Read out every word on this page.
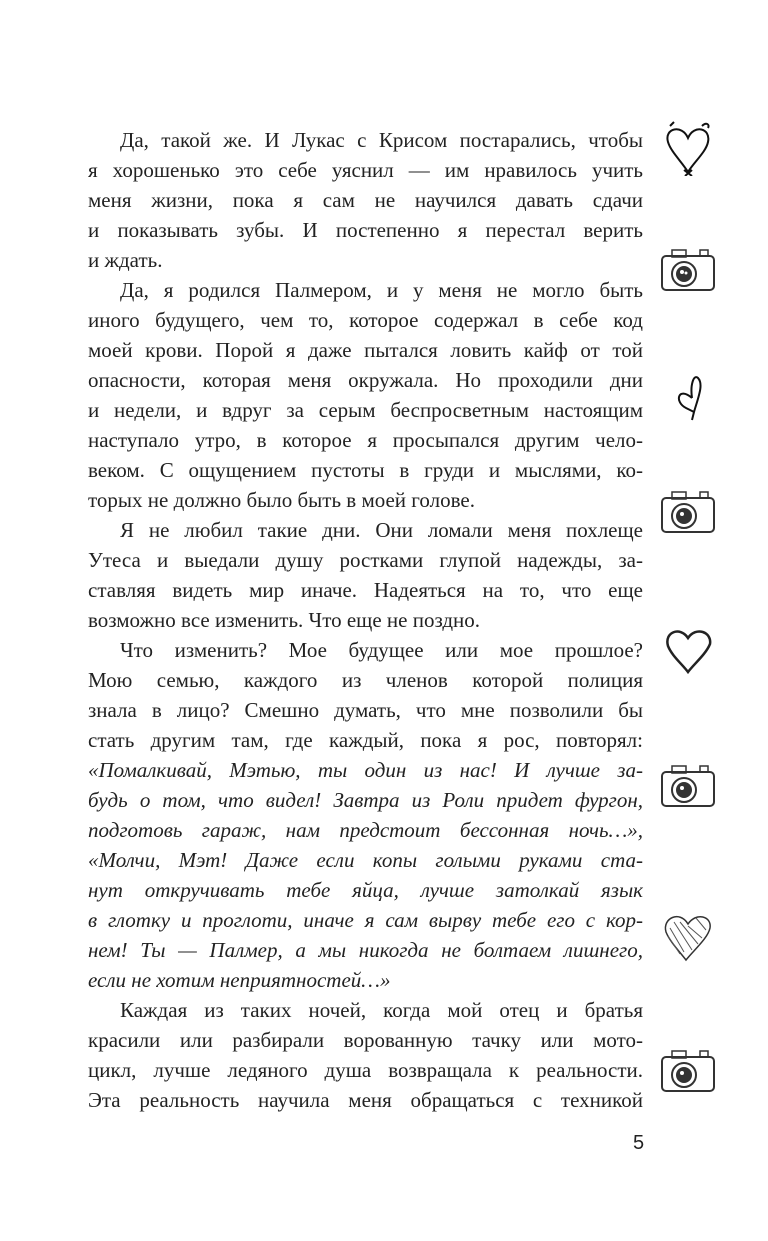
Да, такой же. И Лукас с Крисом постарались, чтобы
я хорошенько это себе уяснил — им нравилось учить
меня жизни, пока я сам не научился давать сдачи
и показывать зубы. И постепенно я перестал верить
и ждать.
Да, я родился Палмером, и у меня не могло быть
иного будущего, чем то, которое содержал в себе код
моей крови. Порой я даже пытался ловить кайф от той
опасности, которая меня окружала. Но проходили дни
и недели, и вдруг за серым беспросветным настоящим
наступало утро, в которое я просыпался другим чело-
веком. С ощущением пустоты в груди и мыслями, ко-
торых не должно было быть в моей голове.
Я не любил такие дни. Они ломали меня похлеще
Утеса и выедали душу ростками глупой надежды, за-
ставляя видеть мир иначе. Надеяться на то, что еще
возможно все изменить. Что еще не поздно.
Что изменить? Мое будущее или мое прошлое?
Мою семью, каждого из членов которой полиция
знала в лицо? Смешно думать, что мне позволили бы
стать другим там, где каждый, пока я рос, повторял:
«Помалкивай, Мэтью, ты один из нас! И лучше за-
будь о том, что видел! Завтра из Роли придет фургон,
подготовь гараж, нам предстоит бессонная ночь…»,
«Молчи, Мэт! Даже если копы голыми руками ста-
нут откручивать тебе яйца, лучше затолкай язык
в глотку и проглоти, иначе я сам вырву тебе его с кор-
нем! Ты — Палмер, а мы никогда не болтаем лишнего,
если не хотим неприятностей…»
Каждая из таких ночей, когда мой отец и братья
красили или разбирали ворованную тачку или мото-
цикл, лучше ледяного душа возвращала к реальности.
Эта реальность научила меня обращаться с техникой
5
